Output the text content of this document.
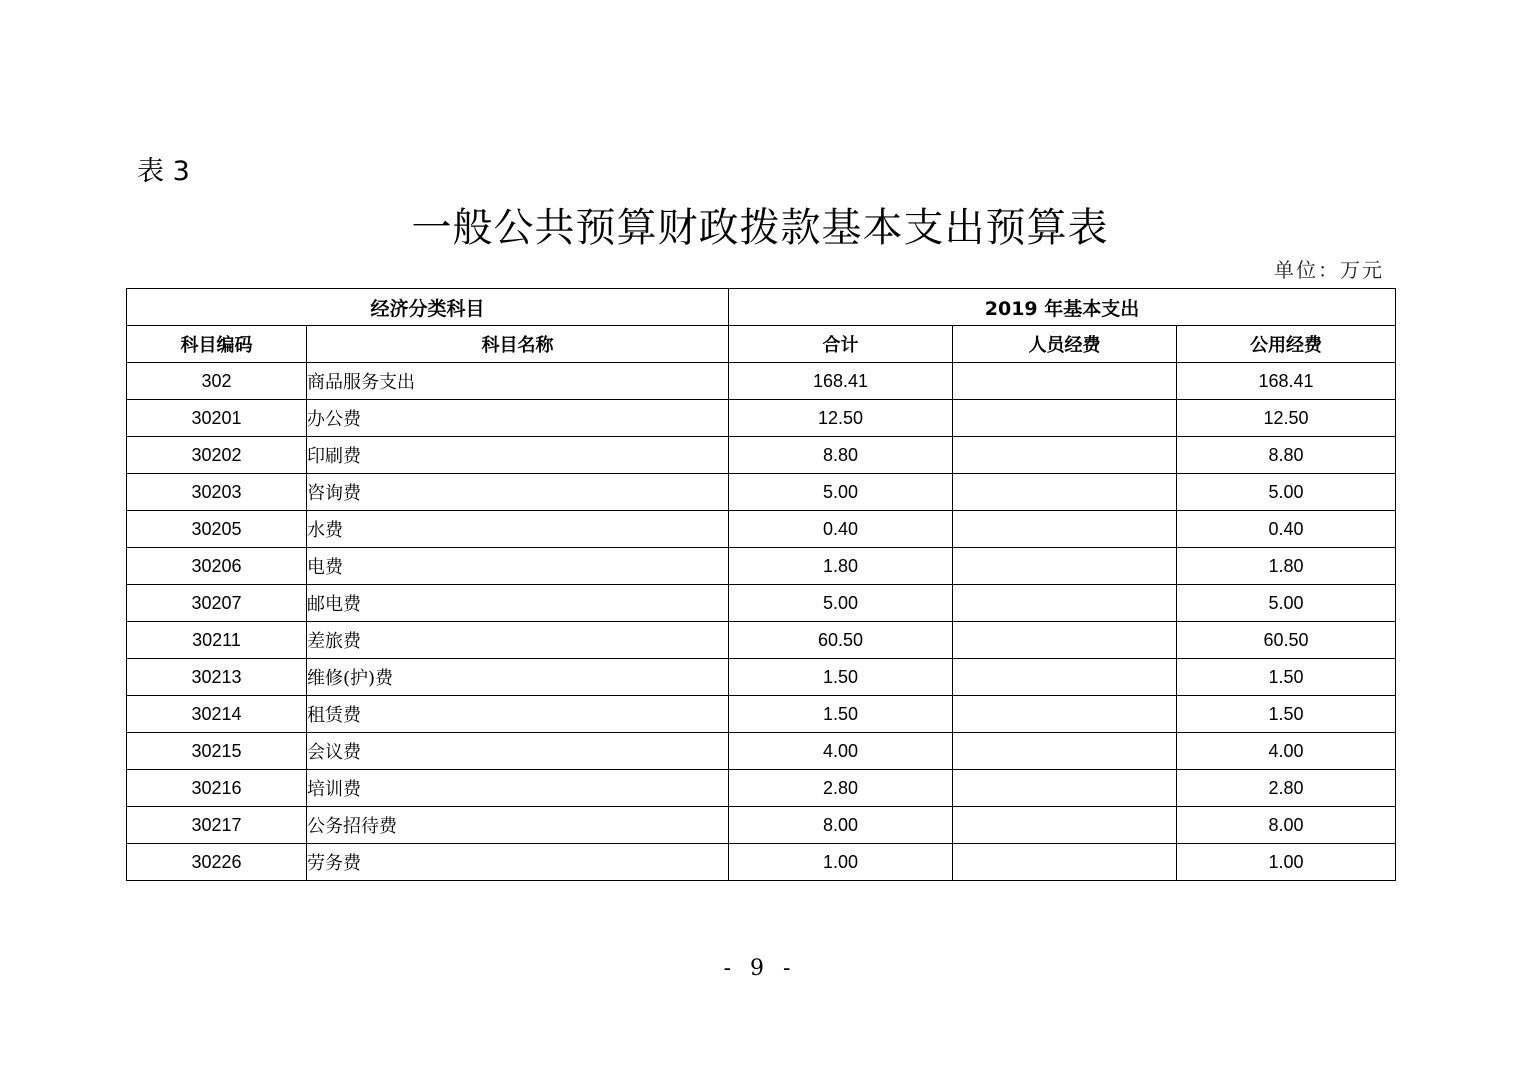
表 3
一般公共预算财政拨款基本支出预算表
单位：万元
经济分类科目		2019 年基本支出		
科目编码	科目名称	合计	人员经费	公用经费
302	商品服务支出	168.41		168.41
30201	办公费	12.50		12.50
30202	印刷费	8.80		8.80
30203	咨询费	5.00		5.00
30205	水费	0.40		0.40
30206	电费	1.80		1.80
30207	邮电费	5.00		5.00
30211	差旅费	60.50		60.50
30213	维修(护)费	1.50		1.50
30214	租赁费	1.50		1.50
30215	会议费	4.00		4.00
30216	培训费	2.80		2.80
30217	公务招待费	8.00		8.00
30226	劳务费	1.00		1.00
- 9 -
